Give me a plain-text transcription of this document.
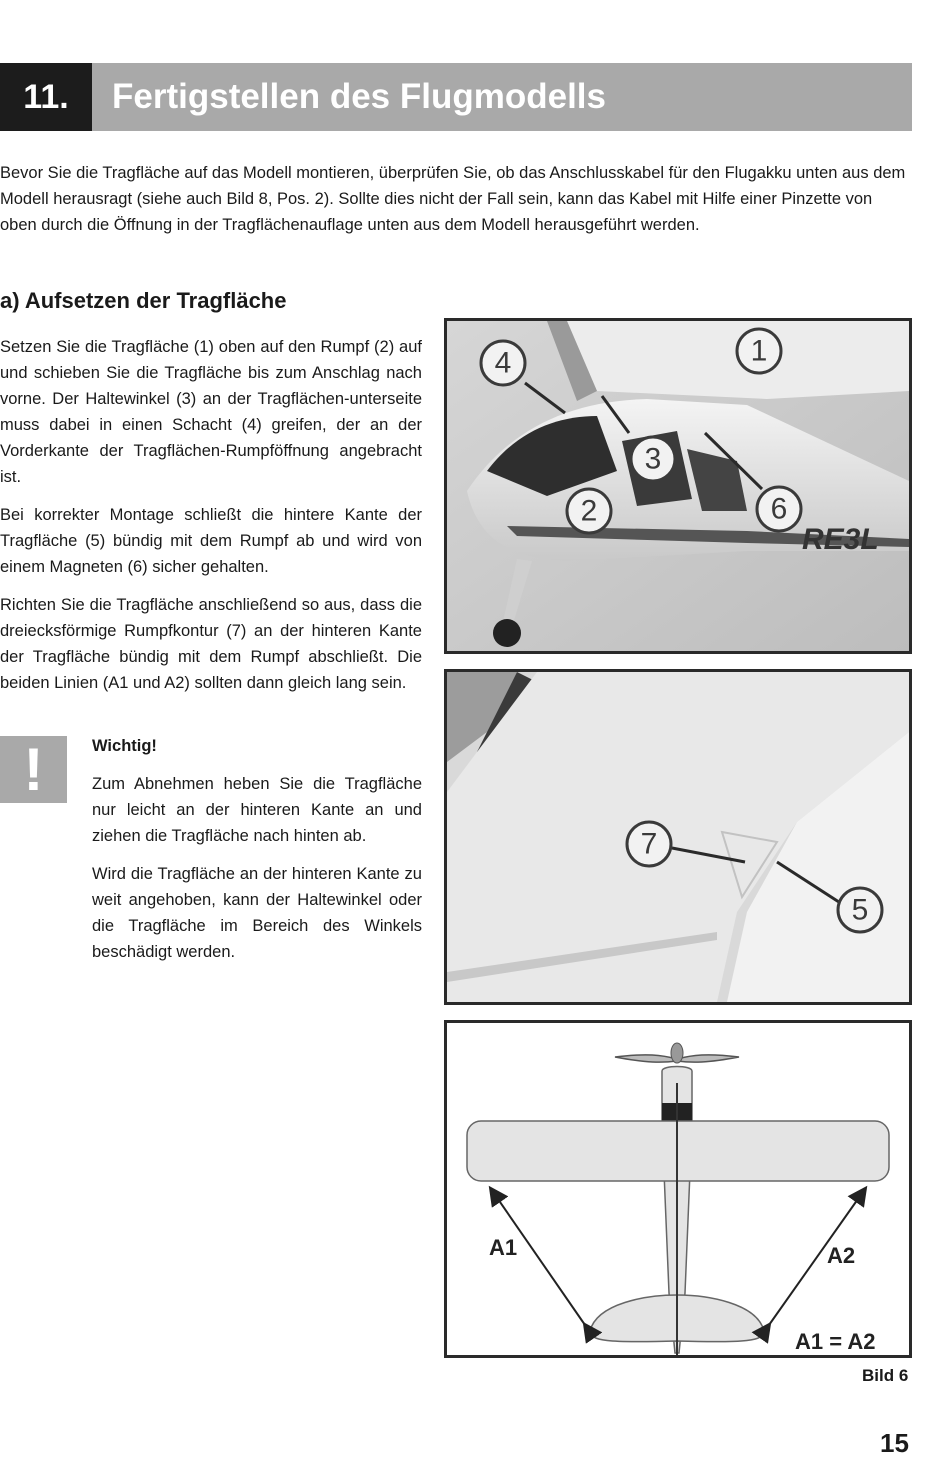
11.	Fertigstellen des Flugmodells
Bevor Sie die Tragfläche auf das Modell montieren, überprüfen Sie, ob das Anschlusskabel für den Flugakku unten aus dem Modell herausragt (siehe auch Bild 8, Pos. 2). Sollte dies nicht der Fall sein, kann das Kabel mit Hilfe einer Pinzette von oben durch die Öffnung in der Tragflächenauflage unten aus dem Modell herausgeführt werden.
a) Aufsetzen der Tragfläche

Setzen Sie die Tragfläche (1) oben auf den Rumpf (2) auf und schieben Sie die Tragfläche bis zum Anschlag nach vorne. Der Haltewinkel (3) an der Tragflächen-unterseite muss dabei in einen Schacht (4) greifen, der an der Vorderkante der Tragflächen-Rumpföffnung angebracht ist.

Bei korrekter Montage schließt die hintere Kante der Tragfläche (5) bündig mit dem Rumpf ab und wird von einem Magneten (6) sicher gehalten.

Richten Sie die Tragfläche anschließend so aus, dass die dreiecksförmige Rumpfkontur (7) an der hinteren Kante der Tragfläche bündig mit dem Rumpf abschließt. Die beiden Linien (A1 und A2) sollten dann gleich lang sein.

!	Wichtig!

Zum Abnehmen heben Sie die Tragfläche nur leicht an der hinteren Kante an und ziehen die Tragfläche nach hinten ab.

Wird die Tragfläche an der hinteren Kante zu weit angehoben, kann der Haltewinkel oder die Tragfläche im Bereich des Winkels beschädigt werden.

RE3L
4	1
3
2	6
7
5
A1	A2
A1 = A2
Bild 6
15
